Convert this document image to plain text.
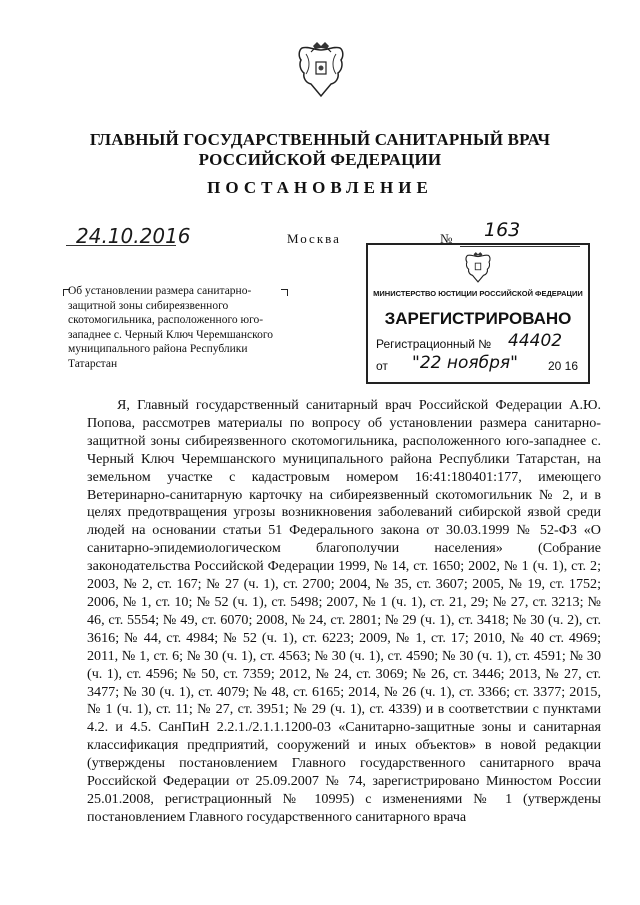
ГЛАВНЫЙ ГОСУДАРСТВЕННЫЙ САНИТАРНЫЙ ВРАЧ
РОССИЙСКОЙ ФЕДЕРАЦИИ
ПОСТАНОВЛЕНИЕ
24.10.2016	Москва	№ 163
МИНИСТЕРСТВО ЮСТИЦИИ РОССИЙСКОЙ ФЕДЕРАЦИИ
ЗАРЕГИСТРИРОВАНО
Регистрационный № 44402
от "22 ноября"	20 16
Об установлении размера санитарно-защитной зоны сибиреязвенного скотомогильника, расположенного юго-западнее с. Черный Ключ Черемшанского муниципального района Республики Татарстан

Я, Главный государственный санитарный врач Российской Федерации А.Ю. Попова, рассмотрев материалы по вопросу об установлении размера санитарно-защитной зоны сибиреязвенного скотомогильника, расположенного юго-западнее с. Черный Ключ Черемшанского муниципального района Республики Татарстан, на земельном участке с кадастровым номером 16:41:180401:177, имеющего Ветеринарно-санитарную карточку на сибиреязвенный скотомогильник № 2, и в целях предотвращения угрозы возникновения заболеваний сибирской язвой среди людей на основании статьи 51 Федерального закона от 30.03.1999 № 52-ФЗ «О санитарно-эпидемиологическом благополучии населения» (Собрание законодательства Российской Федерации 1999, № 14, ст. 1650; 2002, № 1 (ч. 1), ст. 2; 2003, № 2, ст. 167; № 27 (ч. 1), ст. 2700; 2004, № 35, ст. 3607; 2005, № 19, ст. 1752; 2006, № 1, ст. 10; № 52 (ч. 1), ст. 5498; 2007, № 1 (ч. 1), ст. 21, 29; № 27, ст. 3213; № 46, ст. 5554; № 49, ст. 6070; 2008, № 24, ст. 2801; № 29 (ч. 1), ст. 3418; № 30 (ч. 2), ст. 3616; № 44, ст. 4984; № 52 (ч. 1), ст. 6223; 2009, № 1, ст. 17; 2010, № 40 ст. 4969; 2011, № 1, ст. 6; № 30 (ч. 1), ст. 4563; № 30 (ч. 1), ст. 4590; № 30 (ч. 1), ст. 4591; № 30 (ч. 1), ст. 4596; № 50, ст. 7359; 2012, № 24, ст. 3069; № 26, ст. 3446; 2013, № 27, ст. 3477; № 30 (ч. 1), ст. 4079; № 48, ст. 6165; 2014, № 26 (ч. 1), ст. 3366; ст. 3377; 2015, № 1 (ч. 1), ст. 11; № 27, ст. 3951; № 29 (ч. 1), ст. 4339) и в соответствии с пунктами 4.2. и 4.5. СанПиН 2.2.1./2.1.1.1200-03 «Санитарно-защитные зоны и санитарная классификация предприятий, сооружений и иных объектов» в новой редакции (утверждены постановлением Главного государственного санитарного врача Российской Федерации от 25.09.2007 № 74, зарегистрировано Минюстом России 25.01.2008, регистрационный № 10995) с изменениями № 1 (утверждены постановлением Главного государственного санитарного врача
